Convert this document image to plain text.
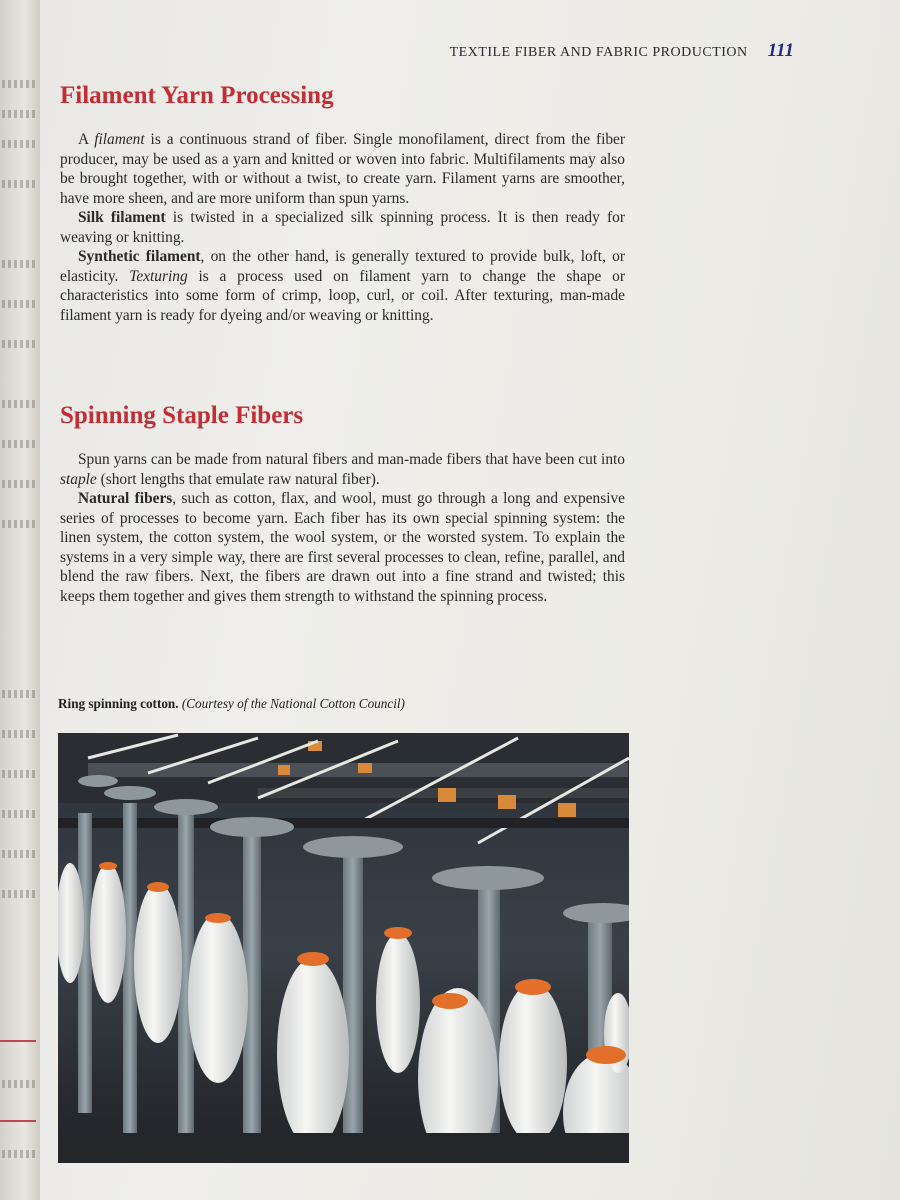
TEXTILE FIBER AND FABRIC PRODUCTION 111
Filament Yarn Processing

A filament is a continuous strand of fiber. Single monofilament, direct from the fiber producer, may be used as a yarn and knitted or woven into fabric. Multifilaments may also be brought together, with or without a twist, to create yarn. Filament yarns are smoother, have more sheen, and are more uniform than spun yarns.

Silk filament is twisted in a specialized silk spinning process. It is then ready for weaving or knitting.

Synthetic filament, on the other hand, is generally textured to provide bulk, loft, or elasticity. Texturing is a process used on filament yarn to change the shape or characteristics into some form of crimp, loop, curl, or coil. After texturing, man-made filament yarn is ready for dyeing and/or weaving or knitting.

Spinning Staple Fibers

Spun yarns can be made from natural fibers and man-made fibers that have been cut into staple (short lengths that emulate raw natural fiber).

Natural fibers, such as cotton, flax, and wool, must go through a long and expensive series of processes to become yarn. Each fiber has its own special spinning system: the linen system, the cotton system, the wool system, or the worsted system. To explain the systems in a very simple way, there are first several processes to clean, refine, parallel, and blend the raw fibers. Next, the fibers are drawn out into a fine strand and twisted; this keeps them together and gives them strength to withstand the spinning process.

Ring spinning cotton. (Courtesy of the National Cotton Council)
